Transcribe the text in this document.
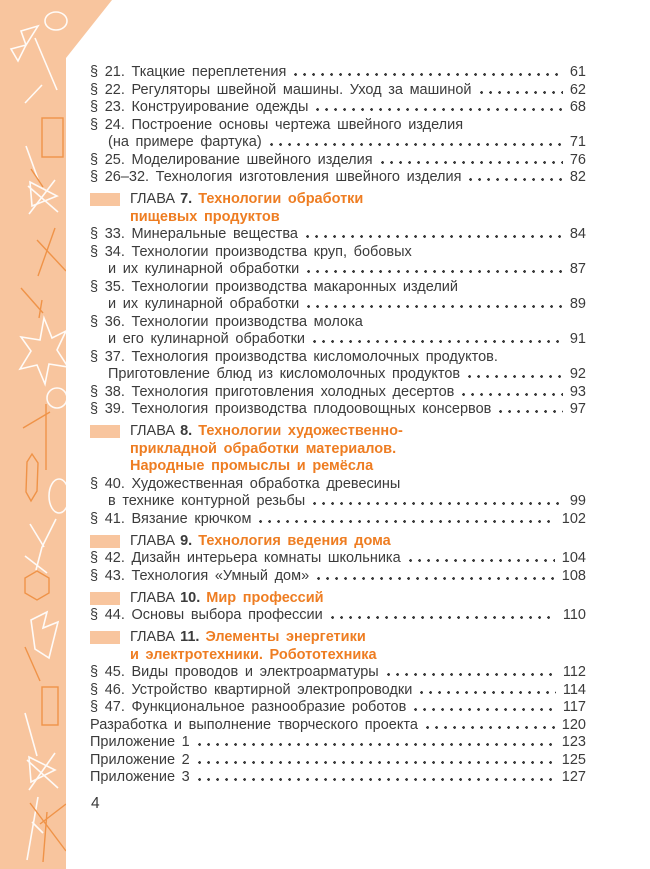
§ 21. Ткацкие переплетения	61
§ 22. Регуляторы швейной машины. Уход за машиной	62
§ 23. Конструирование одежды	68
§ 24. Построение основы чертежа швейного изделия
(на примере фартука)	71
§ 25. Моделирование швейного изделия	76
§ 26–32. Технология изготовления швейного изделия	82
ГЛАВА 7. Технологии обработки
пищевых продуктов
§ 33. Минеральные вещества	84
§ 34. Технологии производства круп, бобовых
и их кулинарной обработки	87
§ 35. Технологии производства макаронных изделий
и их кулинарной обработки	89
§ 36. Технологии производства молока
и его кулинарной обработки	91
§ 37. Технология производства кисломолочных продуктов.
Приготовление блюд из кисломолочных продуктов	92
§ 38. Технология приготовления холодных десертов	93
§ 39. Технология производства плодоовощных консервов	97
ГЛАВА 8. Технологии художественно-
прикладной обработки материалов.
Народные промыслы и ремёсла
§ 40. Художественная обработка древесины
в технике контурной резьбы	99
§ 41. Вязание крючком	102
ГЛАВА 9. Технология ведения дома
§ 42. Дизайн интерьера комнаты школьника	104
§ 43. Технология «Умный дом»	108
ГЛАВА 10. Мир профессий
§ 44. Основы выбора профессии	110
ГЛАВА 11. Элементы энергетики
и электротехники. Робототехника
§ 45. Виды проводов и электроарматуры	112
§ 46. Устройство квартирной электропроводки	114
§ 47. Функциональное разнообразие роботов	117
Разработка и выполнение творческого проекта	120
Приложение 1	123
Приложение 2	125
Приложение 3	127
4
